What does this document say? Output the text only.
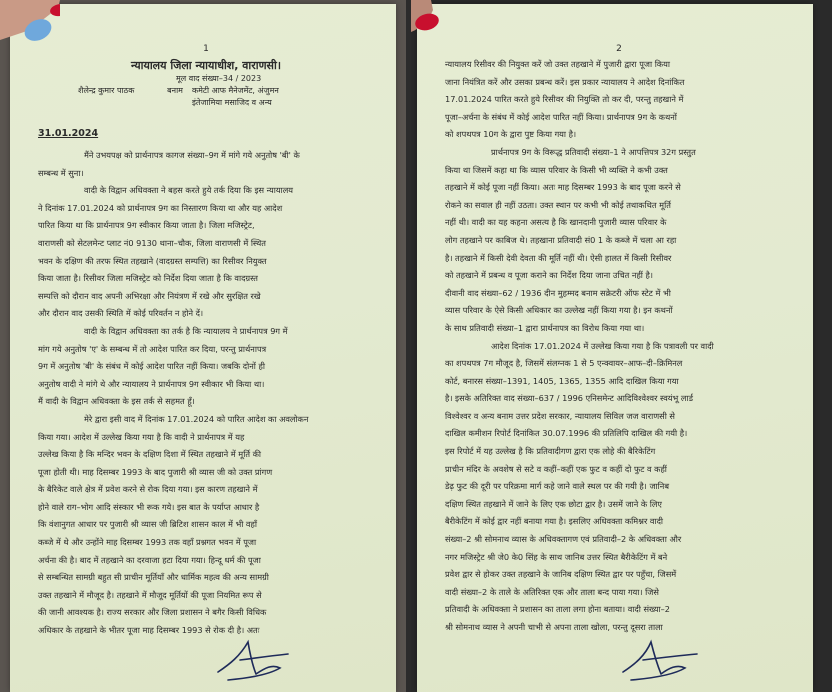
1
न्यायालय जिला न्यायाधीश, वाराणसी।
मूल वाद संख्या–34 / 2023
शैलेन्द्र कुमार पाठक	बनाम	कमेटी आफ मैनेजमेंट, अंजुमन
इंतेजामिया मसाजिद व अन्य
31.01.2024
मैंने उभयपक्ष को प्रार्थनापत्र कागज संख्या–9ग में मांगे गये अनुतोष 'बी' के
सम्बन्ध में सुना।
वादी के विद्वान अधिवक्ता ने बहस करते हुये तर्क दिया कि इस न्यायालय
ने दिनांक 17.01.2024 को प्रार्थनापत्र 9ग का निस्तारण किया था और यह आदेश
पारित किया था कि प्रार्थनापत्र 9ग स्वीकार किया जाता है। जिला मजिस्ट्रेट,
वाराणसी को सेटलमेन्ट प्लाट नं0 9130 थाना–चौक, जिला वाराणसी में स्थित
भवन के दक्षिण की तरफ स्थित तहखाने (वादग्रस्त सम्पत्ति) का रिसीवर नियुक्त
किया जाता है। रिसीवर जिला मजिस्ट्रेट को निर्देश दिया जाता है कि वादग्रस्त
सम्पत्ति को दौरान वाद अपनी अभिरक्षा और नियंत्रण में रखे और सुरक्षित रखे
और दौरान वाद उसकी स्थिति में कोई परिवर्तन न होने दें।
वादी के विद्वान अधिवक्ता का तर्क है कि न्यायालय ने प्रार्थनापत्र 9ग में
मांग गये अनुतोष 'ए' के सम्बन्ध में तो आदेश पारित कर दिया, परन्तु प्रार्थनापत्र
9ग में अनुतोष 'बी' के संबंध में कोई आदेश पारित नहीं किया। जबकि दोनों ही
अनुतोष वादी ने मांगे थे और न्यायालय ने प्रार्थनापत्र 9ग स्वीकार भी किया था।
मैं वादी के विद्वान अधिवक्ता के इस तर्क से सहमत हूँ।
मेरे द्वारा इसी वाद में दिनांक 17.01.2024 को पारित आदेश का अवलोकन
किया गया। आदेश में उल्लेख किया गया है कि वादी ने प्रार्थनापत्र में यह
उल्लेख किया है कि मन्दिर भवन के दक्षिण दिशा में स्थित तहखाने में मूर्ति की
पूजा होती थी। माह दिसम्बर 1993 के बाद पुजारी श्री व्यास जी को उक्त प्रांगण
के बैरिकेट वाले क्षेत्र में प्रवेश करने से रोक दिया गया। इस कारण तहखाने में
होने वाले राग–भोग आदि संस्कार भी रूक गये। इस बात के पर्याप्त आधार है
कि वंशानुगत आधार पर पुजारी श्री व्यास जी ब्रिटिश शासन काल में भी वहाँ
कब्जे में थे और उन्होंने माह दिसम्बर 1993 तक वहाँ प्रश्नगत भवन में पूजा
अर्चना की है। बाद में तहखाने का दरवाजा हटा दिया गया। हिन्दू धर्म की पूजा
से सम्बन्धित सामग्री बहुत सी प्राचीन मूर्तियाँ और धार्मिक महत्व की अन्य सामग्री
उक्त तहखाने में मौजूद है। तहखाने में मौजूद मूर्तियों की पूजा नियमित रूप से
की जानी आवश्यक है। राज्य सरकार और जिला प्रशासन ने बगैर किसी विधिक
अधिकार के तहखाने के भीतर पूजा माह दिसम्बर 1993 से रोक दी है। अतः
2
न्यायालय रिसीवर की नियुक्त करें जो उक्त तहखाने में पुजारी द्वारा पूजा किया
जाना नियंत्रित करें और उसका प्रबन्ध करें। इस प्रकार न्यायालय ने आदेश दिनांकित
17.01.2024 पारित करते हुये रिसीवर की नियुक्ति तो कर दी, परन्तु तहखाने में
पूजा–अर्चना के संबंध में कोई आदेश पारित नहीं किया। प्रार्थनापत्र 9ग के कथनों
को शपथपत्र 10ग के द्वारा पुष्ट किया गया है।
प्रार्थनापत्र 9ग के विरूद्ध प्रतिवादी संख्या–1 ने आपत्तिपत्र 32ग प्रस्तुत
किया था जिसमें कहा था कि व्यास परिवार के किसी भी व्यक्ति ने कभी उक्त
तहखाने में कोई पूजा नहीं किया। अतः माह दिसम्बर 1993 के बाद पूजा करने से
रोकने का सवाल ही नहीं उठता। उक्त स्थान पर कभी भी कोई तथाकथित मूर्ति
नहीं थी। वादी का यह कहना असत्य है कि खानदानी पुजारी व्यास परिवार के
लोग तहखाने पर काबिज थे। तहखाना प्रतिवादी सं0 1 के कब्जे में चला आ रहा
है। तहखाने में किसी देवी देवता की मूर्ति नहीं थी। ऐसी हालत में किसी रिसीवर
को तहखाने में प्रबन्ध व पूजा कराने का निर्देश दिया जाना उचित नहीं है।
दीवानी वाद संख्या–62 / 1936 दीन मुहम्मद बनाम सक्रेटरी ऑफ स्टेट में भी
व्यास परिवार के ऐसे किसी अधिकार का उल्लेख नहीं किया गया है। इन कथनों
के साथ प्रतिवादी संख्या–1 द्वारा प्रार्थनापत्र का विरोध किया गया था।
आदेश दिनांक 17.01.2024 में उल्लेख किया गया है कि पत्रावली पर वादी
का शपथपत्र 7ग मौजूद है, जिसमें संलग्नक 1 से 5 एन्क्वायर–आफ–दी–क्रिमिनल
कोर्ट, बनारस संख्या–1391, 1405, 1365, 1355 आदि दाखिल किया गया
है। इसके अतिरिक्त वाद संख्या–637 / 1996 एनिसमेन्ट आदिविश्वेश्वर स्वयंभू लार्ड
विश्वेश्वर व अन्य बनाम उत्तर प्रदेश सरकार, न्यायालय सिविल जज वाराणसी से
दाखिल कमीशन रिपोर्ट दिनांकित 30.07.1996 की प्रतिलिपि दाखिल की गयी है।
इस रिपोर्ट में यह उल्लेख है कि प्रतिवादीगण द्वारा एक लोहे की बैरिकेटिंग
प्राचीन मंदिर के अवशेष से सटे व कहीं–कहीं एक फुट व कहीं दो फुट व कहीं
डेढ़ फुट की दूरी पर परिक्रमा मार्ग कहे जाने वाले स्थल पर की गयी है। जानिब
दक्षिण स्थित तहखाने में जाने के लिए एक छोटा द्वार है। उसमें जाने के लिए
बैरीकेटिंग में कोई द्वार नहीं बनाया गया है। इसलिए अधिवक्ता कमिश्नर वादी
संख्या–2 श्री सोमनाथ व्यास के अधिवक्तागण एवं प्रतिवादी–2 के अधिवक्ता और
नगर मजिस्ट्रेट श्री जे0 के0 सिंह के साथ जानिब उत्तर स्थित बैरीकेटिंग में बने
प्रवेश द्वार से होकर उक्त तहखाने के जानिब दक्षिण स्थित द्वार पर पहुँचा, जिसमें
वादी संख्या–2 के ताले के अतिरिक्त एक और ताला बन्द पाया गया। जिसे
प्रतिवादी के अधिवक्ता ने प्रशासन का ताला लगा होना बताया। वादी संख्या–2
श्री सोमनाथ व्यास ने अपनी चाभी से अपना ताला खोला, परन्तु दूसरा ताला
